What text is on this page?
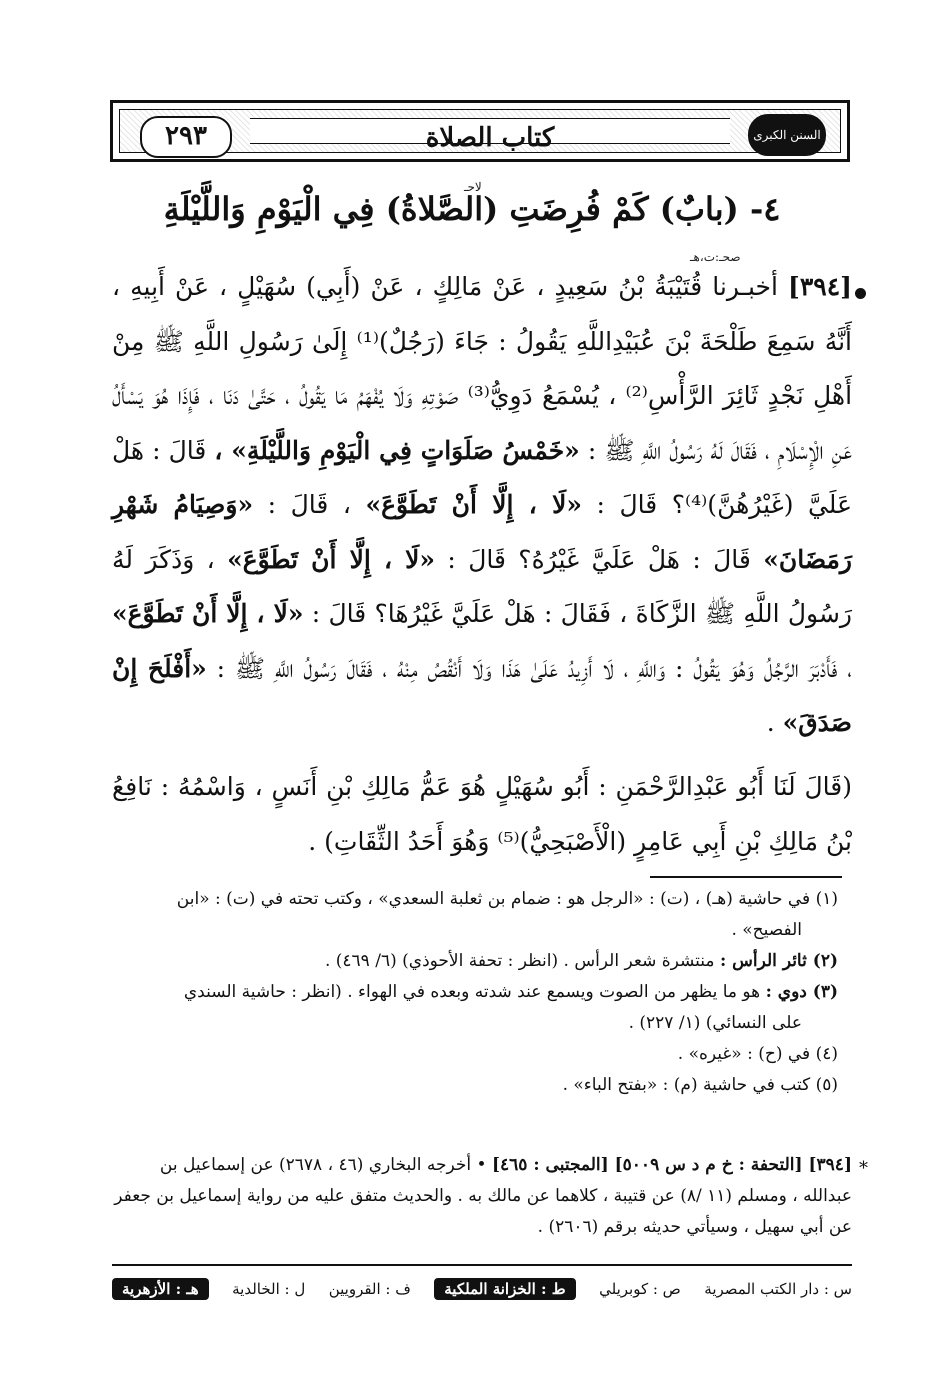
كتاب الصلاة
٢٩٣	السنن الكبرى
لاحـ
٤- (بابٌ) كَمْ فُرِضَتِ (الصَّلاةُ) فِي الْيَوْمِ وَاللَّيْلَةِ
صحـ:ت،هـ
[٣٩٤] أخبـرنا قُتَيْبَةُ بْنُ سَعِيدٍ ، عَنْ مَالِكٍ ، عَنْ (أَبِي) سُهَيْلٍ ، عَنْ أَبِيهِ ، أَنَّهُ سَمِعَ طَلْحَةَ بْنَ عُبَيْدِاللَّهِ يَقُولُ : جَاءَ (رَجُلٌ)⁽¹⁾ إِلَىٰ رَسُولِ اللَّهِ ﷺ مِنْ أَهْلِ نَجْدٍ ثَائِرَ الرَّأْسِ⁽²⁾ ، يُسْمَعُ دَوِيُّ⁽³⁾ صَوْتِهِ وَلَا يُفْهَمُ مَا يَقُولُ ، حَتَّىٰ دَنَا ، فَإِذَا هُوَ يَسْأَلُ عَنِ الْإِسْلَامِ ، فَقَالَ لَهُ رَسُولُ اللَّهِ ﷺ : «خَمْسُ صَلَوَاتٍ فِي الْيَوْمِ وَاللَّيْلَةِ» ، قَالَ : هَلْ عَلَيَّ (غَيْرُهُنَّ)⁽⁴⁾؟ قَالَ : «لَا ، إِلَّا أَنْ تَطَوَّعَ» ، قَالَ : «وَصِيَامُ شَهْرِ رَمَضَانَ» قَالَ : هَلْ عَلَيَّ غَيْرُهُ؟ قَالَ : «لَا ، إِلَّا أَنْ تَطَوَّعَ» ، وَذَكَرَ لَهُ رَسُولُ اللَّهِ ﷺ الزَّكَاةَ ، فَقَالَ : هَلْ عَلَيَّ غَيْرُهَا؟ قَالَ : «لَا ، إِلَّا أَنْ تَطَوَّعَ» ، فَأَدْبَرَ الرَّجُلُ وَهُوَ يَقُولُ : وَاللَّهِ ، لَا أَزِيدُ عَلَىٰ هَذَا وَلَا أَنْقُصُ مِنْهُ ، فَقَالَ رَسُولُ اللَّهِ ﷺ : «أَفْلَحَ إِنْ صَدَقَ» .
(قَالَ لَنَا أَبُو عَبْدِالرَّحْمَنِ : أَبُو سُهَيْلٍ هُوَ عَمُّ مَالِكِ بْنِ أَنَسٍ ، وَاسْمُهُ : نَافِعُ بْنُ مَالِكِ بْنِ أَبِي عَامِرٍ (الْأَصْبَحِيُّ)⁽⁵⁾ وَهُوَ أَحَدُ الثِّقَاتِ) .
(١) في حاشية (هـ) ، (ت) : «الرجل هو : ضمام بن ثعلبة السعدي» ، وكتب تحته في (ت) : «ابن
الفصيح» .
(٢) ثائر الرأس : منتشرة شعر الرأس . (انظر : تحفة الأحوذي) (٦/ ٤٦٩) .
(٣) دوي : هو ما يظهر من الصوت ويسمع عند شدته وبعده في الهواء . (انظر : حاشية السندي
على النسائي) (١/ ٢٢٧) .
(٤) في (ح) : «غيره» .
(٥) كتب في حاشية (م) : «بفتح الباء» .
*
[٣٩٤] [التحفة : خ م د س ٥٠٠٩] [المجتبى : ٤٦٥] • أخرجه البخاري (٤٦ ، ٢٦٧٨) عن إسماعيل بن عبدالله ، ومسلم (١١ /٨) عن قتيبة ، كلاهما عن مالك به . والحديث متفق عليه من رواية إسماعيل بن جعفر عن أبي سهيل ، وسيأتي حديثه برقم (٢٦٠٦) .
س : دار الكتب المصرية
ص : كوبريلي
ط : الخزانة الملكية
ف : القرويين
ل : الخالدية
هـ : الأزهرية
